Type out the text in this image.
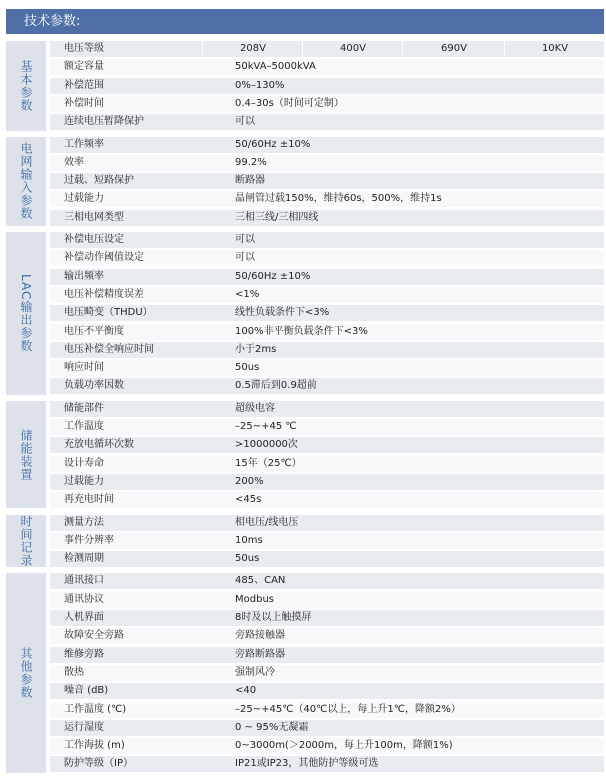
技术参数:
电压等级	208V	400V	690V	10KV
额定容量	50kVA–5000kVA
补偿范围	0%–130%
补偿时间	0.4–30s（时间可定制）
连续电压暂降保护	可以
基本参数
工作频率	50/60Hz ±10%
效率	99.2%
过载、短路保护	断路器
过载能力	晶闸管过载150%，维持60s，500%，维持1s
三相电网类型	三相三线/三相四线
电网输入参数
补偿电压设定	可以
补偿动作阈值设定	可以
输出频率	50/60Hz ±10%
电压补偿精度误差	<1%
电压畸变（THDU）	线性负载条件下<3%
电压不平衡度	100%非平衡负载条件下<3%
电压补偿全响应时间	小于2ms
响应时间	50us
负载功率因数	0.5滞后到0.9超前
LAC输出参数
储能部件	超级电容
工作温度	–25~+45 ℃
充放电循环次数	>1000000次
设计寿命	15年（25℃）
过载能力	200%
再充电时间	<45s
储能装置
测量方法	相电压/线电压
事件分辨率	10ms
检测周期	50us
时间记录
通讯接口	485、CAN
通讯协议	Modbus
人机界面	8时及以上触摸屏
故障安全旁路	旁路接触器
维修旁路	旁路断路器
散热	强制风冷
噪音 (dB)	<40
工作温度 (℃)	–25~+45℃（40℃以上，每上升1℃，降额2%）
运行湿度	0 ~ 95%无凝霜
工作海拔 (m)	0~3000m(＞2000m，每上升100m，降额1%)
防护等级（IP）	IP21或IP23，其他防护等级可选
其他参数
